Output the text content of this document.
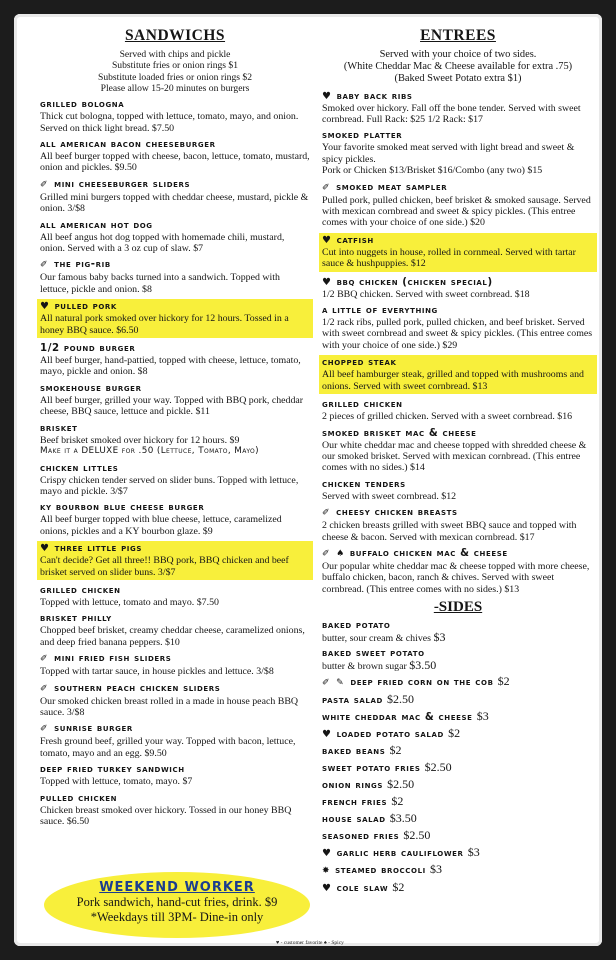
SANDWICHS
Served with chips and pickle
Substitute fries or onion rings $1
Substitute loaded fries or onion rings $2
Please allow 15-20 minutes on burgers
grilled bologna
Thick cut bologna, topped with lettuce, tomato, mayo, and onion. Served on thick light bread. $7.50
all american bacon cheeseburger
All beef burger topped with cheese, bacon, lettuce, tomato, mustard, onion and pickles. $9.50
✐ mini cheeseburger sliders
Grilled mini burgers topped with cheddar cheese, mustard, pickle & onion. 3/$8
all american hot dog
All beef angus hot dog topped with homemade chili, mustard, onion. Served with a 3 oz cup of slaw. $7
✐ the pig-rib
Our famous baby backs turned into a sandwich. Topped with lettuce, pickle and onion. $8
♥ pulled pork
All natural pork smoked over hickory for 12 hours. Tossed in a honey BBQ sauce. $6.50
1/2 pound burger
All beef burger, hand-pattied, topped with cheese, lettuce, tomato, mayo, pickle and onion. $8
smokehouse burger
All beef burger, grilled your way. Topped with BBQ pork, cheddar cheese, BBQ sauce, lettuce and pickle. $11
brisket
Beef brisket smoked over hickory for 12 hours. $9
Make it a DELUXE for .50 (Lettuce, Tomato, Mayo)
chicken littles
Crispy chicken tender served on slider buns. Topped with lettuce, mayo and pickle. 3/$7
ky bourbon blue cheese burger
All beef burger topped with blue cheese, lettuce, caramelized onions, pickles and a KY bourbon glaze. $9
♥ three little pigs
Can't decide? Get all three!! BBQ pork, BBQ chicken and beef brisket served on slider buns. 3/$7
grilled chicken
Topped with lettuce, tomato and mayo. $7.50
brisket philly
Chopped beef brisket, creamy cheddar cheese, caramelized onions, and deep fried banana peppers. $10
✐ mini fried fish sliders
Topped with tartar sauce, in house pickles and lettuce. 3/$8
✐ southern peach chicken sliders
Our smoked chicken breast rolled in a made in house peach BBQ sauce. 3/$8
✐ sunrise burger
Fresh ground beef, grilled your way. Topped with bacon, lettuce, tomato, mayo and an egg. $9.50
deep fried turkey sandwich
Topped with lettuce, tomato, mayo. $7
pulled chicken
Chicken breast smoked over hickory. Tossed in our honey BBQ sauce. $6.50
ENTREES
Served with your choice of two sides.
(White Cheddar Mac & Cheese available for extra .75)
(Baked Sweet Potato extra $1)
♥ baby back ribs
Smoked over hickory. Fall off the bone tender. Served with sweet cornbread. Full Rack: $25 1/2 Rack: $17
smoked platter
Your favorite smoked meat served with light bread and sweet & spicy pickles.
Pork or Chicken $13/Brisket $16/Combo (any two) $15
✐ smoked meat sampler
Pulled pork, pulled chicken, beef brisket & smoked sausage. Served with mexican cornbread and sweet & spicy pickles. (This entree comes with your choice of one side.) $20
♥ catfish
Cut into nuggets in house, rolled in cornmeal. Served with tartar sauce & hushpuppies. $12
♥ bbq chicken (chicken special)
1/2 BBQ chicken. Served with sweet cornbread. $18
a little of everything
1/2 rack ribs, pulled pork, pulled chicken, and beef brisket. Served with sweet cornbread and sweet & spicy pickles. (This entree comes with your choice of one side.) $29
chopped steak
All beef hamburger steak, grilled and topped with mushrooms and onions. Served with sweet cornbread. $13
grilled chicken
2 pieces of grilled chicken. Served with a sweet cornbread. $16
smoked brisket mac & cheese
Our white cheddar mac and cheese topped with shredded cheese & our smoked brisket. Served with mexican cornbread. (This entree comes with no sides.) $14
chicken tenders
Served with sweet cornbread. $12
✐ cheesy chicken breasts
2 chicken breasts grilled with sweet BBQ sauce and topped with cheese & bacon. Served with mexican cornbread. $17
✐ ♠ buffalo chicken mac & cheese
Our popular white cheddar mac & cheese topped with more cheese, buffalo chicken, bacon, ranch & chives. Served with sweet cornbread. (This entree comes with no sides.) $13
-SIDES
baked potato
butter, sour cream & chives $3
baked sweet potato
butter & brown sugar $3.50
✐ ✎ deep fried corn on the cob $2
pasta salad $2.50
white cheddar mac & cheese $3
♥ loaded potato salad $2
baked beans $2
sweet potato fries $2.50
onion rings $2.50
french fries $2
house salad $3.50
seasoned fries $2.50
♥ garlic herb cauliflower $3
✸ steamed broccoli $3
♥ cole slaw $2
WEEKEND WORKER
Pork sandwich, hand-cut fries, drink. $9
*Weekdays till 3PM- Dine-in only
♥ - customer favorite ♠ - Spicy
